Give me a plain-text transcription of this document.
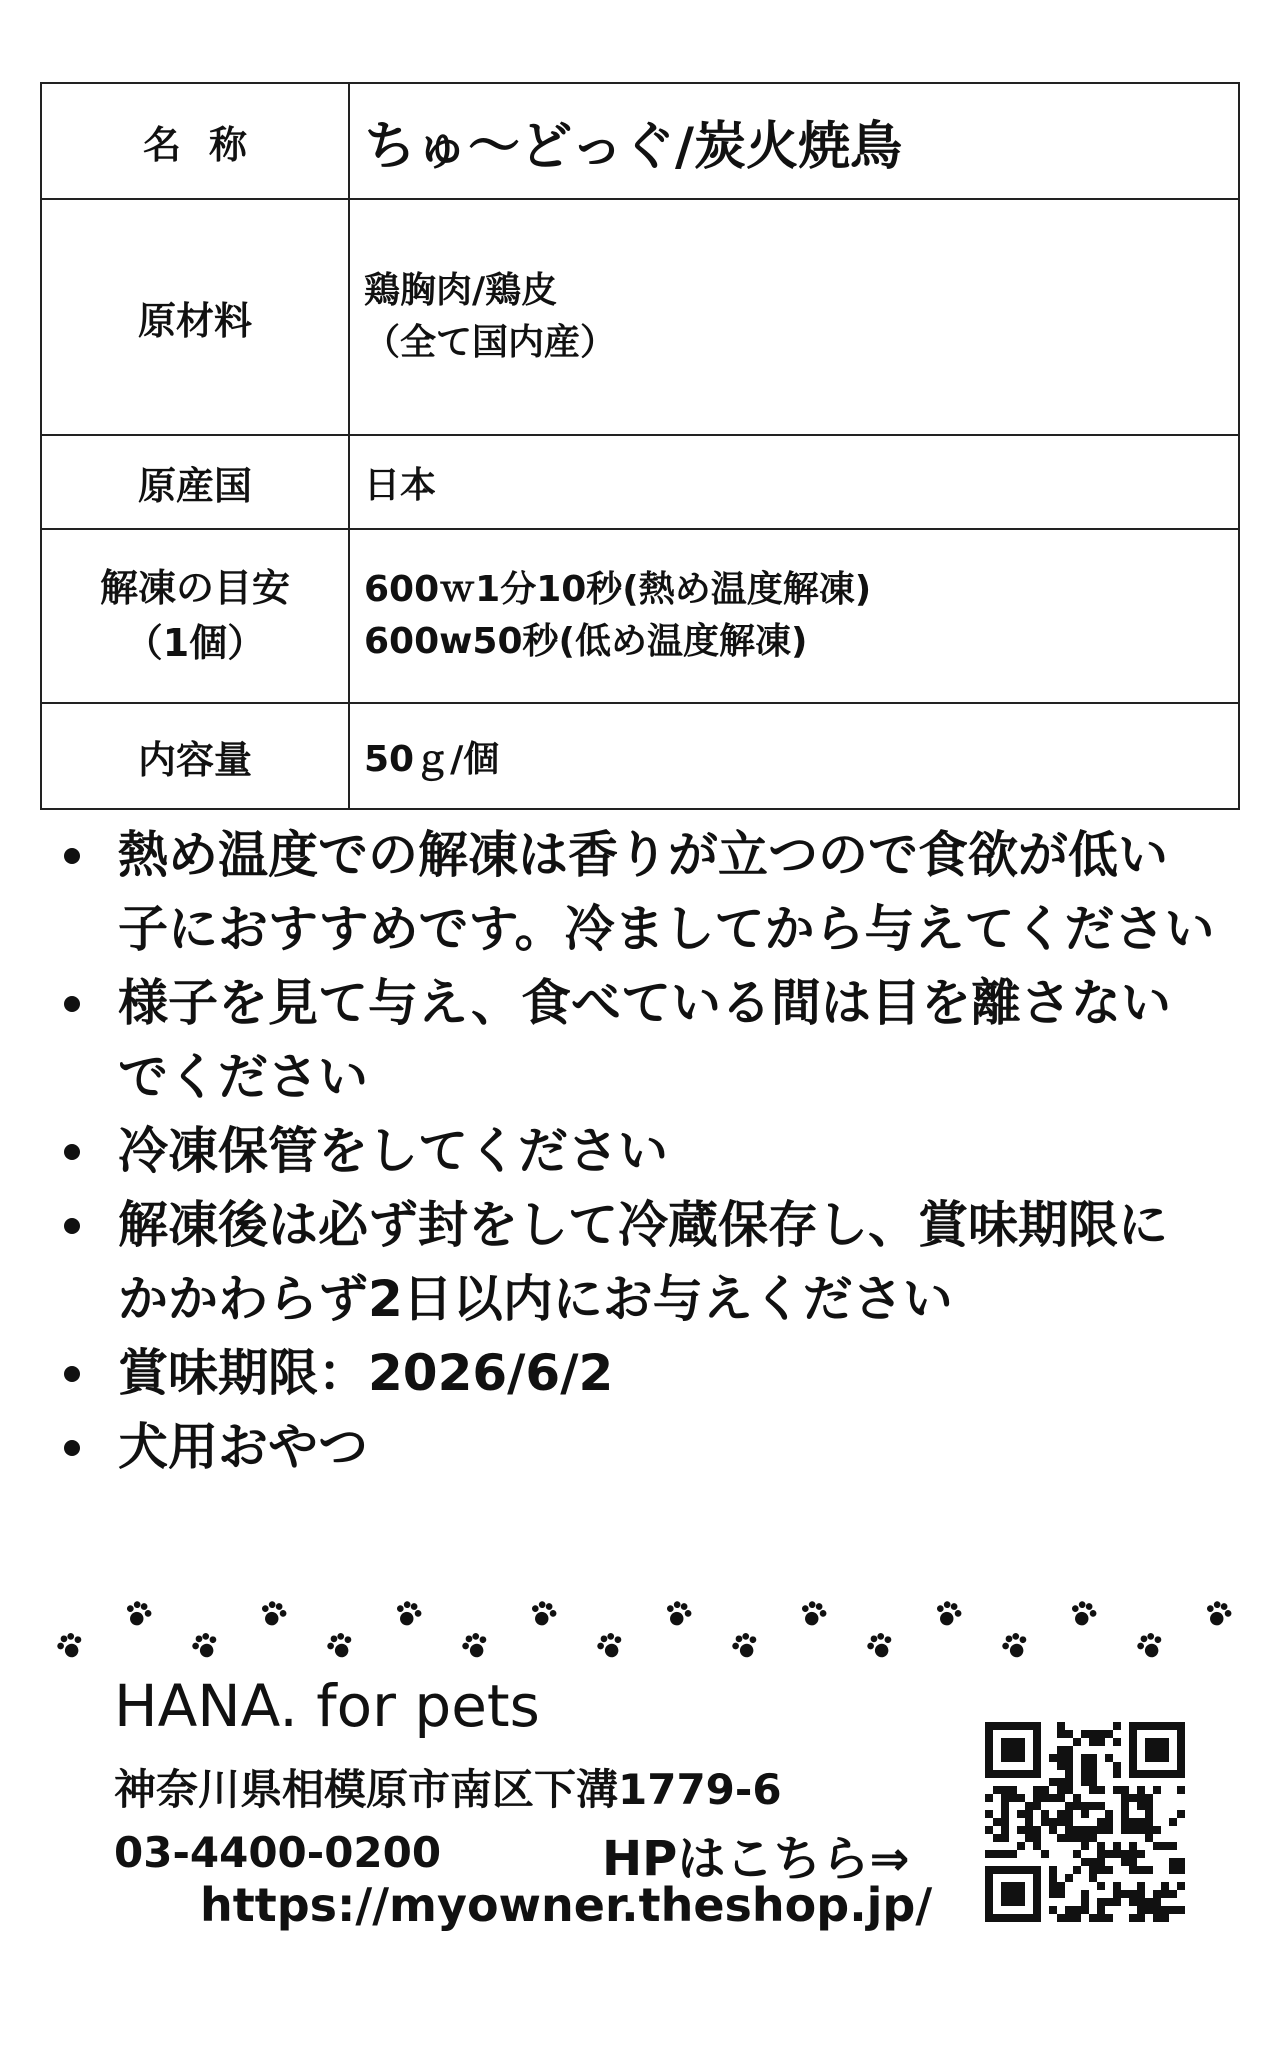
名称	ちゅ〜どっぐ/炭火焼鳥
原材料	鶏胸肉/鶏皮
（全て国内産）

原産国	日本

解凍の目安
（1個）	600ｗ1分10秒(熱め温度解凍)
600w50秒(低め温度解凍)

内容量	50ｇ/個
熱め温度での解凍は香りが立つので食欲が低い子におすすめです。冷ましてから与えてください
様子を見て与え、食べている間は目を離さないでください
冷凍保管をしてください
解凍後は必ず封をして冷蔵保存し、賞味期限にかかわらず2日以内にお与えください
賞味期限：2026/6/2
犬用おやつ
HANA. for pets
神奈川県相模原市南区下溝1779-6
03-4400-0200	HPはこちら⇒
https://myowner.theshop.jp/
